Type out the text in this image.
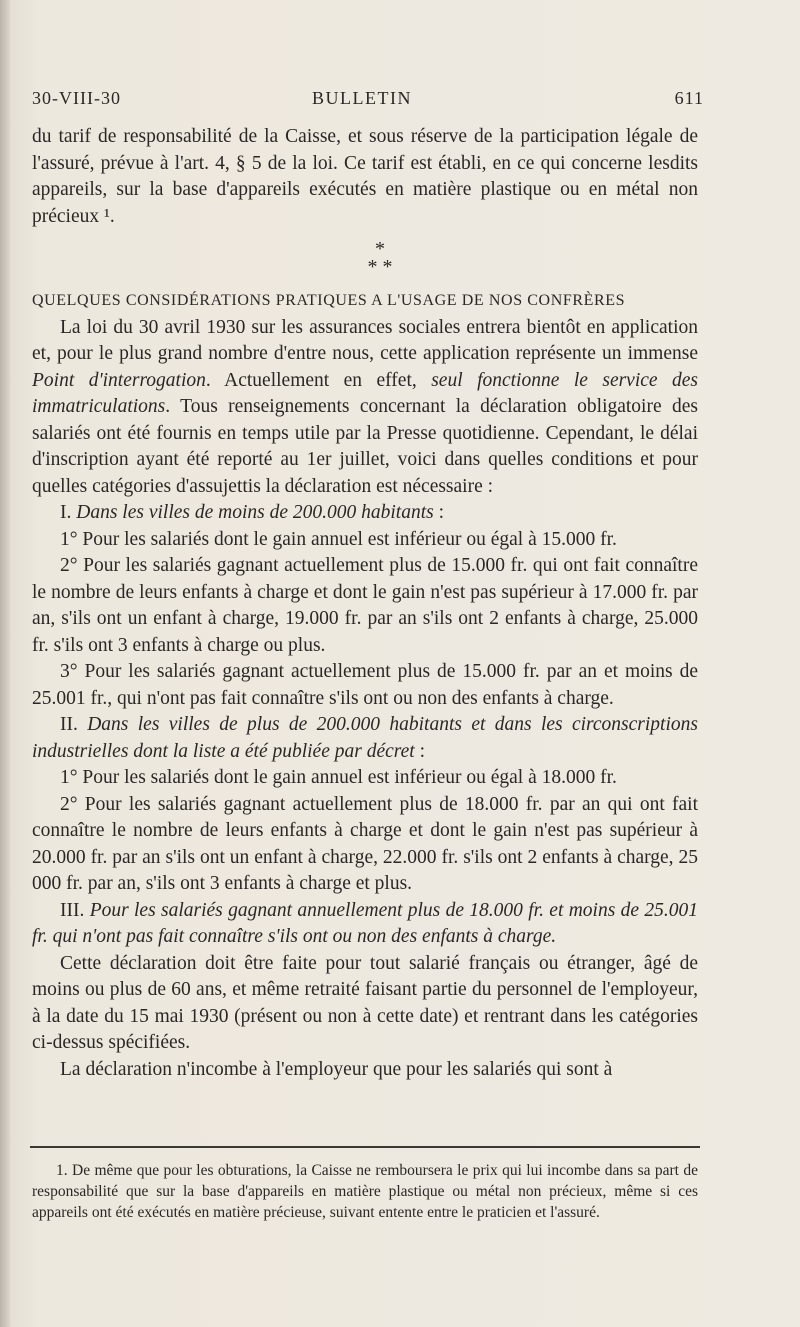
30-VIII-30	BULLETIN	611

du tarif de responsabilité de la Caisse, et sous réserve de la participation légale de l'assuré, prévue à l'art. 4, § 5 de la loi. Ce tarif est établi, en ce qui concerne lesdits appareils, sur la base d'appareils exécutés en matière plastique ou en métal non précieux ¹.

*
* *

QUELQUES CONSIDÉRATIONS PRATIQUES A L'USAGE DE NOS CONFRÈRES

La loi du 30 avril 1930 sur les assurances sociales entrera bientôt en application et, pour le plus grand nombre d'entre nous, cette application représente un immense Point d'interrogation. Actuellement en effet, seul fonctionne le service des immatriculations. Tous renseignements concernant la déclaration obligatoire des salariés ont été fournis en temps utile par la Presse quotidienne. Cependant, le délai d'inscription ayant été reporté au 1er juillet, voici dans quelles conditions et pour quelles catégories d'assujettis la déclaration est nécessaire :

I. Dans les villes de moins de 200.000 habitants :

1° Pour les salariés dont le gain annuel est inférieur ou égal à 15.000 fr.

2° Pour les salariés gagnant actuellement plus de 15.000 fr. qui ont fait connaître le nombre de leurs enfants à charge et dont le gain n'est pas supérieur à 17.000 fr. par an, s'ils ont un enfant à charge, 19.000 fr. par an s'ils ont 2 enfants à charge, 25.000 fr. s'ils ont 3 enfants à charge ou plus.

3° Pour les salariés gagnant actuellement plus de 15.000 fr. par an et moins de 25.001 fr., qui n'ont pas fait connaître s'ils ont ou non des enfants à charge.

II. Dans les villes de plus de 200.000 habitants et dans les circonscriptions industrielles dont la liste a été publiée par décret :

1° Pour les salariés dont le gain annuel est inférieur ou égal à 18.000 fr.

2° Pour les salariés gagnant actuellement plus de 18.000 fr. par an qui ont fait connaître le nombre de leurs enfants à charge et dont le gain n'est pas supérieur à 20.000 fr. par an s'ils ont un enfant à charge, 22.000 fr. s'ils ont 2 enfants à charge, 25 000 fr. par an, s'ils ont 3 enfants à charge et plus.

III. Pour les salariés gagnant annuellement plus de 18.000 fr. et moins de 25.001 fr. qui n'ont pas fait connaître s'ils ont ou non des enfants à charge.

Cette déclaration doit être faite pour tout salarié français ou étranger, âgé de moins ou plus de 60 ans, et même retraité faisant partie du personnel de l'employeur, à la date du 15 mai 1930 (présent ou non à cette date) et rentrant dans les catégories ci-dessus spécifiées.

La déclaration n'incombe à l'employeur que pour les salariés qui sont à

1. De même que pour les obturations, la Caisse ne remboursera le prix qui lui incombe dans sa part de responsabilité que sur la base d'appareils en matière plastique ou métal non précieux, même si ces appareils ont été exécutés en matière précieuse, suivant entente entre le praticien et l'assuré.
